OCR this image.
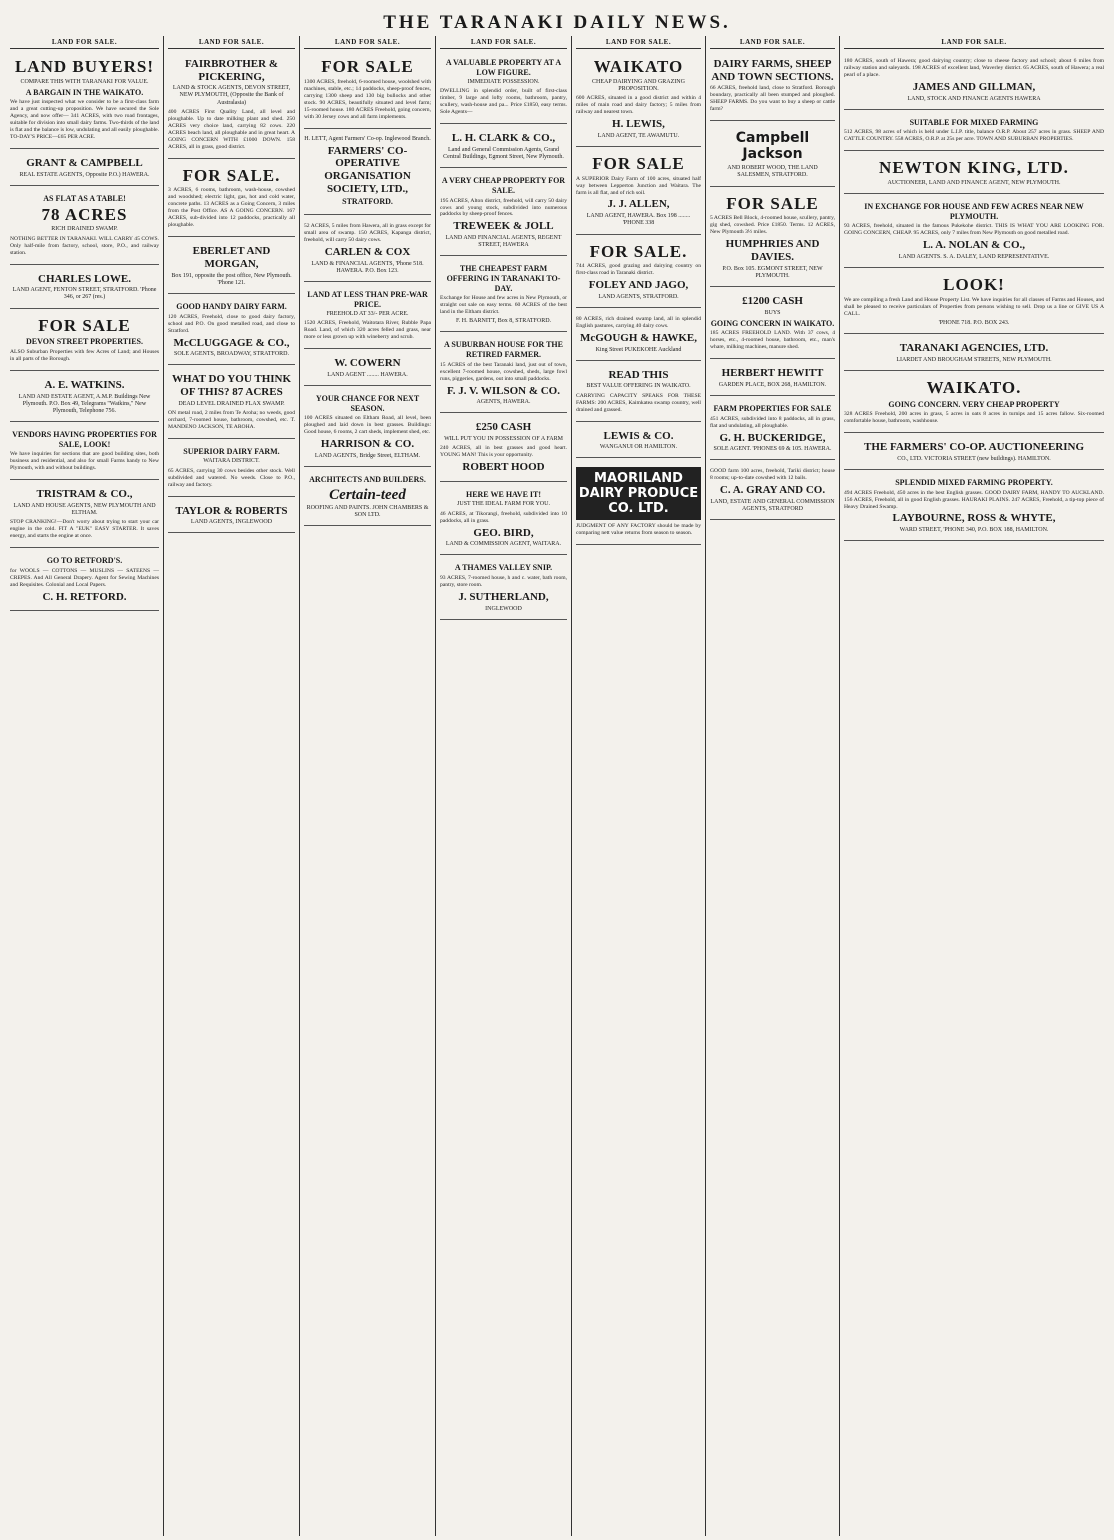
THE TARANAKI DAILY NEWS.
LAND FOR SALE.
LAND BUYERS!
COMPARE THIS WITH TARANAKI FOR VALUE.
A BARGAIN IN THE WAIKATO.
We have just inspected what we consider to be a first-class farm and a great cutting-up proposition. We have secured the Sole Agency, and now offer— 341 ACRES, with two road frontages, suitable for division into small dairy farms. Two-thirds of the land is flat and the balance is low, undulating and all easily ploughable. TO-DAY'S PRICE—£65 PER ACRE.
GRANT & CAMPBELL
REAL ESTATE AGENTS, Opposite P.O.) HAWERA.
AS FLAT AS A TABLE!
78 ACRES
RICH DRAINED SWAMP.
NOTHING BETTER IN TARANAKI. WILL CARRY 45 COWS. Only half-mile from factory, school, store, P.O., and railway station.
CHARLES LOWE.
LAND AGENT, FENTON STREET, STRATFORD. 'Phone 346, or 267 (res.)
FOR SALE
DEVON STREET PROPERTIES.
ALSO Suburban Properties with few Acres of Land; and Houses in all parts of the Borough.
A. E. WATKINS.
LAND AND ESTATE AGENT, A.M.P. Buildings New Plymouth. P.O. Box 49, Telegrams "Watkins," New Plymouth, Telephone 756.
VENDORS HAVING PROPERTIES FOR SALE, LOOK!
We have inquiries for sections that are good building sites, both business and residential, and also for small Farms handy to New Plymouth, with and without buildings.
TRISTRAM & CO.,
LAND AND HOUSE AGENTS, NEW PLYMOUTH AND ELTHAM.
STOP CRANKING!—Don't worry about trying to start your car engine in the cold. FIT A "EUK" EASY STARTER. It saves energy, and starts the engine at once.
GO TO RETFORD'S.
for WOOLS — COTTONS — MUSLINS — SATEENS — CREPES. And All General Drapery. Agent for Sewing Machines and Requisites. Colonial and Local Papers.
C. H. RETFORD.
LAND FOR SALE.
FAIRBROTHER & PICKERING,
LAND & STOCK AGENTS, DEVON STREET, NEW PLYMOUTH, (Opposite the Bank of Australasia)
400 ACRES First Quality Land, all level and ploughable. Up to date milking plant and shed. 250 ACRES very choice land, carrying 82 cows. 220 ACRES beach land, all ploughable and in great heart. A GOING CONCERN WITH £1000 DOWN. 158 ACRES, all in grass, good district.
FOR SALE.
3 ACRES, 6 rooms, bathroom, wash-house, cowshed and woodshed; electric light, gas, hot and cold water, concrete paths. 13 ACRES as a Going Concern, 3 miles from the Post Office. AS A GOING CONCERN. 167 ACRES, sub-divided into 12 paddocks, practically all ploughable.
EBERLET AND MORGAN,
Box 191, opposite the post office, New Plymouth. 'Phone 121.
GOOD HANDY DAIRY FARM.
120 ACRES, Freehold, close to good dairy factory, school and P.O. On good metalled road, and close to Stratford.
McCLUGGAGE & CO.,
SOLE AGENTS, BROADWAY, STRATFORD.
WHAT DO YOU THINK OF THIS? 87 ACRES
DEAD LEVEL DRAINED FLAX SWAMP.
ON metal road, 2 miles from Te Aroha; no weeds, good orchard, 7-roomed house, bathroom, cowshed, etc. T. MANDENO JACKSON, TE AROHA.
SUPERIOR DAIRY FARM.
WAITARA DISTRICT.
65 ACRES, carrying 30 cows besides other stock. Well subdivided and watered. No weeds. Close to P.O., railway and factory.
TAYLOR & ROBERTS
LAND AGENTS, INGLEWOOD
LAND FOR SALE.
FOR SALE
1300 ACRES, freehold, 6-roomed house, woolshed with machines, stable, etc.; 14 paddocks, sheep-proof fences, carrying 1300 sheep and 130 big bullocks and other stock. 90 ACRES, beautifully situated and level farm; 15-roomed house. 180 ACRES Freehold, going concern, with 30 Jersey cows and all farm implements.
H. LETT, Agent Farmers' Co-op. Inglewood Branch.
FARMERS' CO-OPERATIVE ORGANISATION SOCIETY, LTD.,
STRATFORD.
52 ACRES, 5 miles from Hawera, all in grass except for small area of swamp. 150 ACRES, Kapanga district, freehold, will carry 50 dairy cows.
CARLEN & COX
LAND & FINANCIAL AGENTS, 'Phone 518. HAWERA. P.O. Box 123.
LAND AT LESS THAN PRE-WAR PRICE.
FREEHOLD AT 33/- PER ACRE.
1520 ACRES, Freehold, Waitotara River, Rubble Papa Road. Land, of which 320 acres felled and grass, near more or less grown up with wineberry and scrub.
W. COWERN
LAND AGENT ........ HAWERA.
YOUR CHANCE FOR NEXT SEASON.
100 ACRES situated on Eltham Road, all level, been ploughed and laid down in best grasses. Buildings: Good house, 6 rooms, 2 cart sheds, implement shed, etc.
HARRISON & CO.
LAND AGENTS, Bridge Street, ELTHAM.
ARCHITECTS AND BUILDERS.
Certain-teed
ROOFING AND PAINTS. JOHN CHAMBERS & SON LTD.
LAND FOR SALE.
A VALUABLE PROPERTY AT A LOW FIGURE.
IMMEDIATE POSSESSION.
DWELLING in splendid order, built of first-class timber, 9 large and lofty rooms, bathroom, pantry, scullery, wash-house and pa... Price £1850, easy terms. Sole Agents—
L. H. CLARK & CO.,
Land and General Commission Agents, Grand Central Buildings, Egmont Street, New Plymouth.
A VERY CHEAP PROPERTY FOR SALE.
195 ACRES, Alton district, freehold, will carry 50 dairy cows and young stock, subdivided into numerous paddocks by sheep-proof fences.
TREWEEK & JOLL
LAND AND FINANCIAL AGENTS, REGENT STREET, HAWERA
THE CHEAPEST FARM OFFERING IN TARANAKI TO-DAY.
Exchange for House and few acres in New Plymouth, or straight out sale on easy terms. 60 ACRES of the best land in the Eltham district.
F. H. BARNITT, Box 8, STRATFORD.
A SUBURBAN HOUSE FOR THE RETIRED FARMER.
15 ACRES of the best Taranaki land, just out of town, excellent 7-roomed house, cowshed, sheds, large fowl runs, piggeries, gardens, out into small paddocks.
F. J. V. WILSON & CO.
AGENTS, HAWERA.
£250 CASH
WILL PUT YOU IN POSSESSION OF A FARM
240 ACRES, all in best grasses and good heart. YOUNG MAN! This is your opportunity.
ROBERT HOOD
HERE WE HAVE IT!
JUST THE IDEAL FARM FOR YOU.
46 ACRES, at Tikorangi, freehold, subdivided into 10 paddocks, all in grass.
GEO. BIRD,
LAND & COMMISSION AGENT, WAITARA.
A THAMES VALLEY SNIP.
93 ACRES, 7-roomed house, h and c. water, bath room, pantry, store room.
J. SUTHERLAND,
INGLEWOOD
LAND FOR SALE.
WAIKATO
CHEAP DAIRYING AND GRAZING PROPOSITION.
600 ACRES, situated in a good district and within 4 miles of main road and dairy factory; 5 miles from railway and nearest town.
H. LEWIS,
LAND AGENT, TE AWAMUTU.
FOR SALE
A SUPERIOR Dairy Farm of 100 acres, situated half way between Lepperton Junction and Waitara. The farm is all flat, and of rich soil.
J. J. ALLEN,
LAND AGENT, HAWERA. Box 198 ........ 'PHONE 338
FOR SALE.
744 ACRES, good grazing and dairying country on first-class road in Taranaki district.
FOLEY AND JAGO,
LAND AGENTS, STRATFORD.
80 ACRES, rich drained swamp land, all in splendid English pastures, carrying 40 dairy cows.
McGOUGH & HAWKE,
King Street PUKEKOHE Auckland
READ THIS
BEST VALUE OFFERING IN WAIKATO.
CARRYING CAPACITY SPEAKS FOR THESE FARMS: 200 ACRES, Kaimkatea swamp country, well drained and grassed.
LEWIS & CO.
WANGANUI OR HAMILTON.
MAORILAND DAIRY PRODUCE CO. LTD.
JUDGMENT OF ANY FACTORY should be made by comparing nett value returns from season to season.
LAND FOR SALE.
DAIRY FARMS, SHEEP AND TOWN SECTIONS.
66 ACRES, freehold land, close to Stratford. Borough boundary, practically all been stumped and ploughed. SHEEP FARMS. Do you want to buy a sheep or cattle farm?
Campbell Jackson
AND ROBERT WOOD, THE LAND SALESMEN, STRATFORD.
FOR SALE
5 ACRES Bell Block, 4-roomed house, scullery, pantry, gig shed, cowshed. Price £1850. Terms. 12 ACRES, New Plymouth 3½ miles.
HUMPHRIES AND DAVIES.
P.O. Box 105. EGMONT STREET, NEW PLYMOUTH.
£1200 CASH
BUYS
GOING CONCERN IN WAIKATO.
185 ACRES FREEHOLD LAND. With 37 cows, 4 horses, etc., 4-roomed house, bathroom, etc., man's whare, milking machines, manure shed.
HERBERT HEWITT
GARDEN PLACE, BOX 268, HAMILTON.
FARM PROPERTIES FOR SALE
451 ACRES, subdivided into 8 paddocks, all in grass, flat and undulating, all ploughable.
G. H. BUCKERIDGE,
SOLE AGENT. 'PHONES 69 & 105. HAWERA.
GOOD farm 100 acres, freehold, Tariki district; house 8 rooms; up-to-date cowshed with 12 bails.
C. A. GRAY AND CO.
LAND, ESTATE AND GENERAL COMMISSION AGENTS, STRATFORD
LAND FOR SALE.
180 ACRES, south of Hawera; good dairying country; close to cheese factory and school; about 6 miles from railway station and saleyards. 198 ACRES of excellent land, Waverley district. 65 ACRES, south of Hawera; a real pearl of a place.
JAMES AND GILLMAN,
LAND, STOCK AND FINANCE AGENTS HAWERA
SUITABLE FOR MIXED FARMING
512 ACRES, 98 acres of which is held under L.I.P. title, balance O.R.P. About 257 acres in grass. SHEEP AND CATTLE COUNTRY. 558 ACRES, O.R.P. at 25s per acre. TOWN AND SUBURBAN PROPERTIES.
NEWTON KING, LTD.
AUCTIONEER, LAND AND FINANCE AGENT, NEW PLYMOUTH.
IN EXCHANGE FOR HOUSE AND FEW ACRES NEAR NEW PLYMOUTH.
93 ACRES, freehold, situated in the famous Pukekohe district. THIS IS WHAT YOU ARE LOOKING FOR. GOING CONCERN, CHEAP. 95 ACRES, only 7 miles from New Plymouth on good metalled road.
L. A. NOLAN & CO.,
LAND AGENTS. S. A. DALEY, LAND REPRESENTATIVE.
LOOK!
We are compiling a fresh Land and House Property List. We have inquiries for all classes of Farms and Houses, and shall be pleased to receive particulars of Properties from persons wishing to sell. Drop us a line or GIVE US A CALL.
'PHONE 718. P.O. BOX 243.
TARANAKI AGENCIES, LTD.
LIARDET AND BROUGHAM STREETS, NEW PLYMOUTH.
WAIKATO.
GOING CONCERN. VERY CHEAP PROPERTY
328 ACRES Freehold, 200 acres in grass, 5 acres in oats 8 acres in turnips and 15 acres fallow. Six-roomed comfortable house, bathroom, washhouse.
THE FARMERS' CO-OP. AUCTIONEERING
CO., LTD. VICTORIA STREET (new buildings). HAMILTON.
SPLENDID MIXED FARMING PROPERTY.
494 ACRES Freehold, 450 acres in the best English grasses. GOOD DAIRY FARM, HANDY TO AUCKLAND. 156 ACRES, Freehold, all in good English grasses. HAURAKI PLAINS. 247 ACRES, Freehold, a tip-top piece of Heavy Drained Swamp.
LAYBOURNE, ROSS & WHYTE,
WARD STREET, 'PHONE 340, P.O. BOX 188, HAMILTON.
